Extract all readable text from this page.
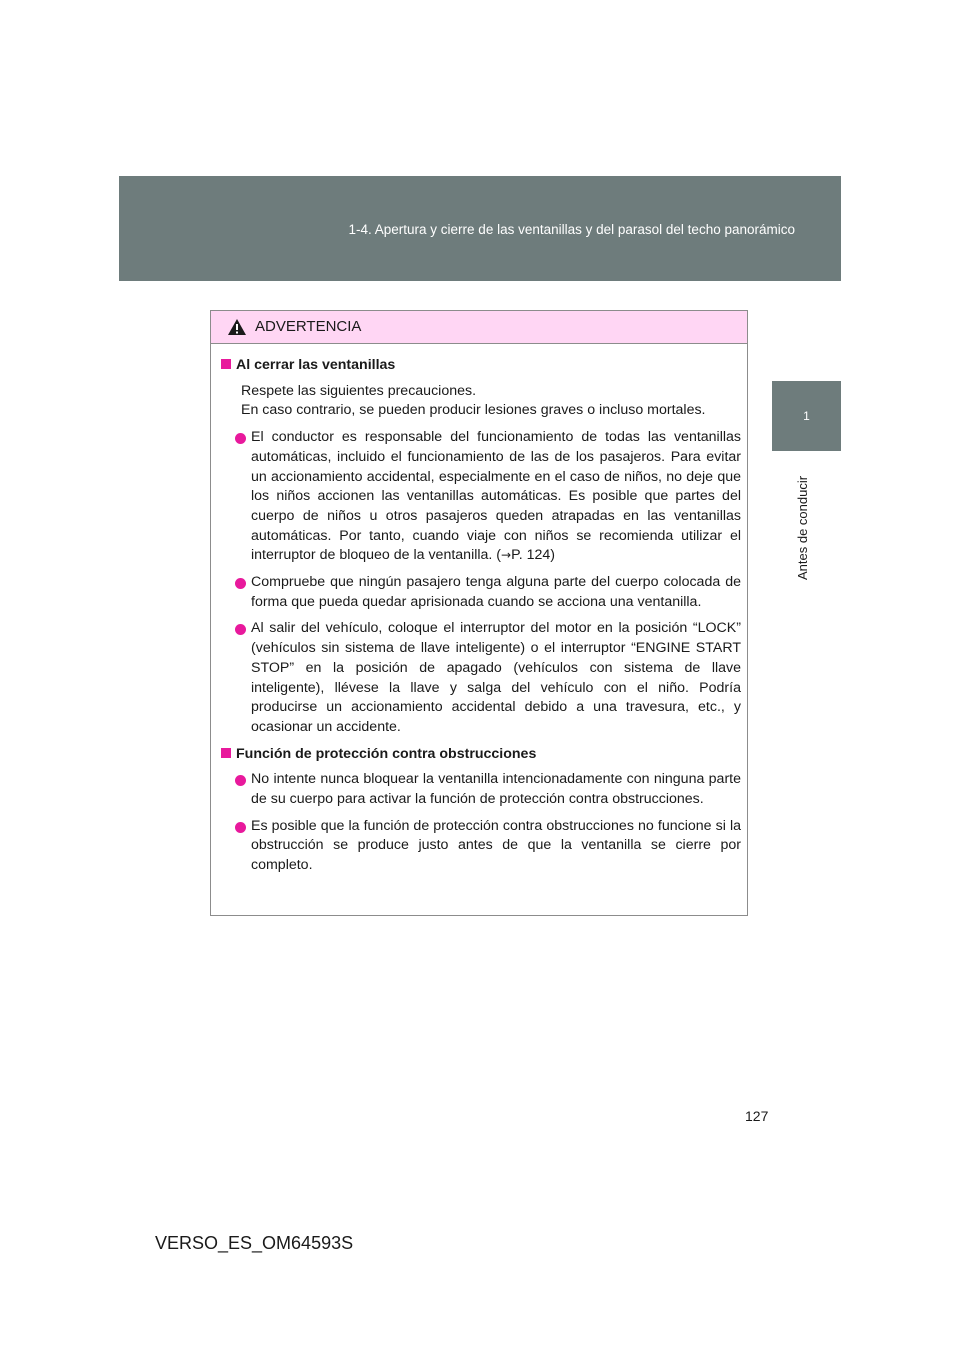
1-4. Apertura y cierre de las ventanillas y del parasol del techo panorámico
1
Antes de conducir
ADVERTENCIA
Al cerrar las ventanillas

Respete las siguientes precauciones.

En caso contrario, se pueden producir lesiones graves o incluso mortales.

El conductor es responsable del funcionamiento de todas las ventanillas automáticas, incluido el funcionamiento de las de los pasajeros. Para evitar un accionamiento accidental, especialmente en el caso de niños, no deje que los niños accionen las ventanillas automáticas. Es posible que partes del cuerpo de niños u otros pasajeros queden atrapadas en las ventanillas automáticas. Por tanto, cuando viaje con niños se recomienda utilizar el interruptor de bloqueo de la ventanilla. (→P. 124)
Compruebe que ningún pasajero tenga alguna parte del cuerpo colocada de forma que pueda quedar aprisionada cuando se acciona una ventanilla.
Al salir del vehículo, coloque el interruptor del motor en la posición “LOCK” (vehículos sin sistema de llave inteligente) o el interruptor “ENGINE START STOP” en la posición de apagado (vehículos con sistema de llave inteligente), llévese la llave y salga del vehículo con el niño. Podría producirse un accionamiento accidental debido a una travesura, etc., y ocasionar un accidente.
Función de protección contra obstrucciones
No intente nunca bloquear la ventanilla intencionadamente con ninguna parte de su cuerpo para activar la función de protección contra obstrucciones.
Es posible que la función de protección contra obstrucciones no funcione si la obstrucción se produce justo antes de que la ventanilla se cierre por completo.
127
VERSO_ES_OM64593S
